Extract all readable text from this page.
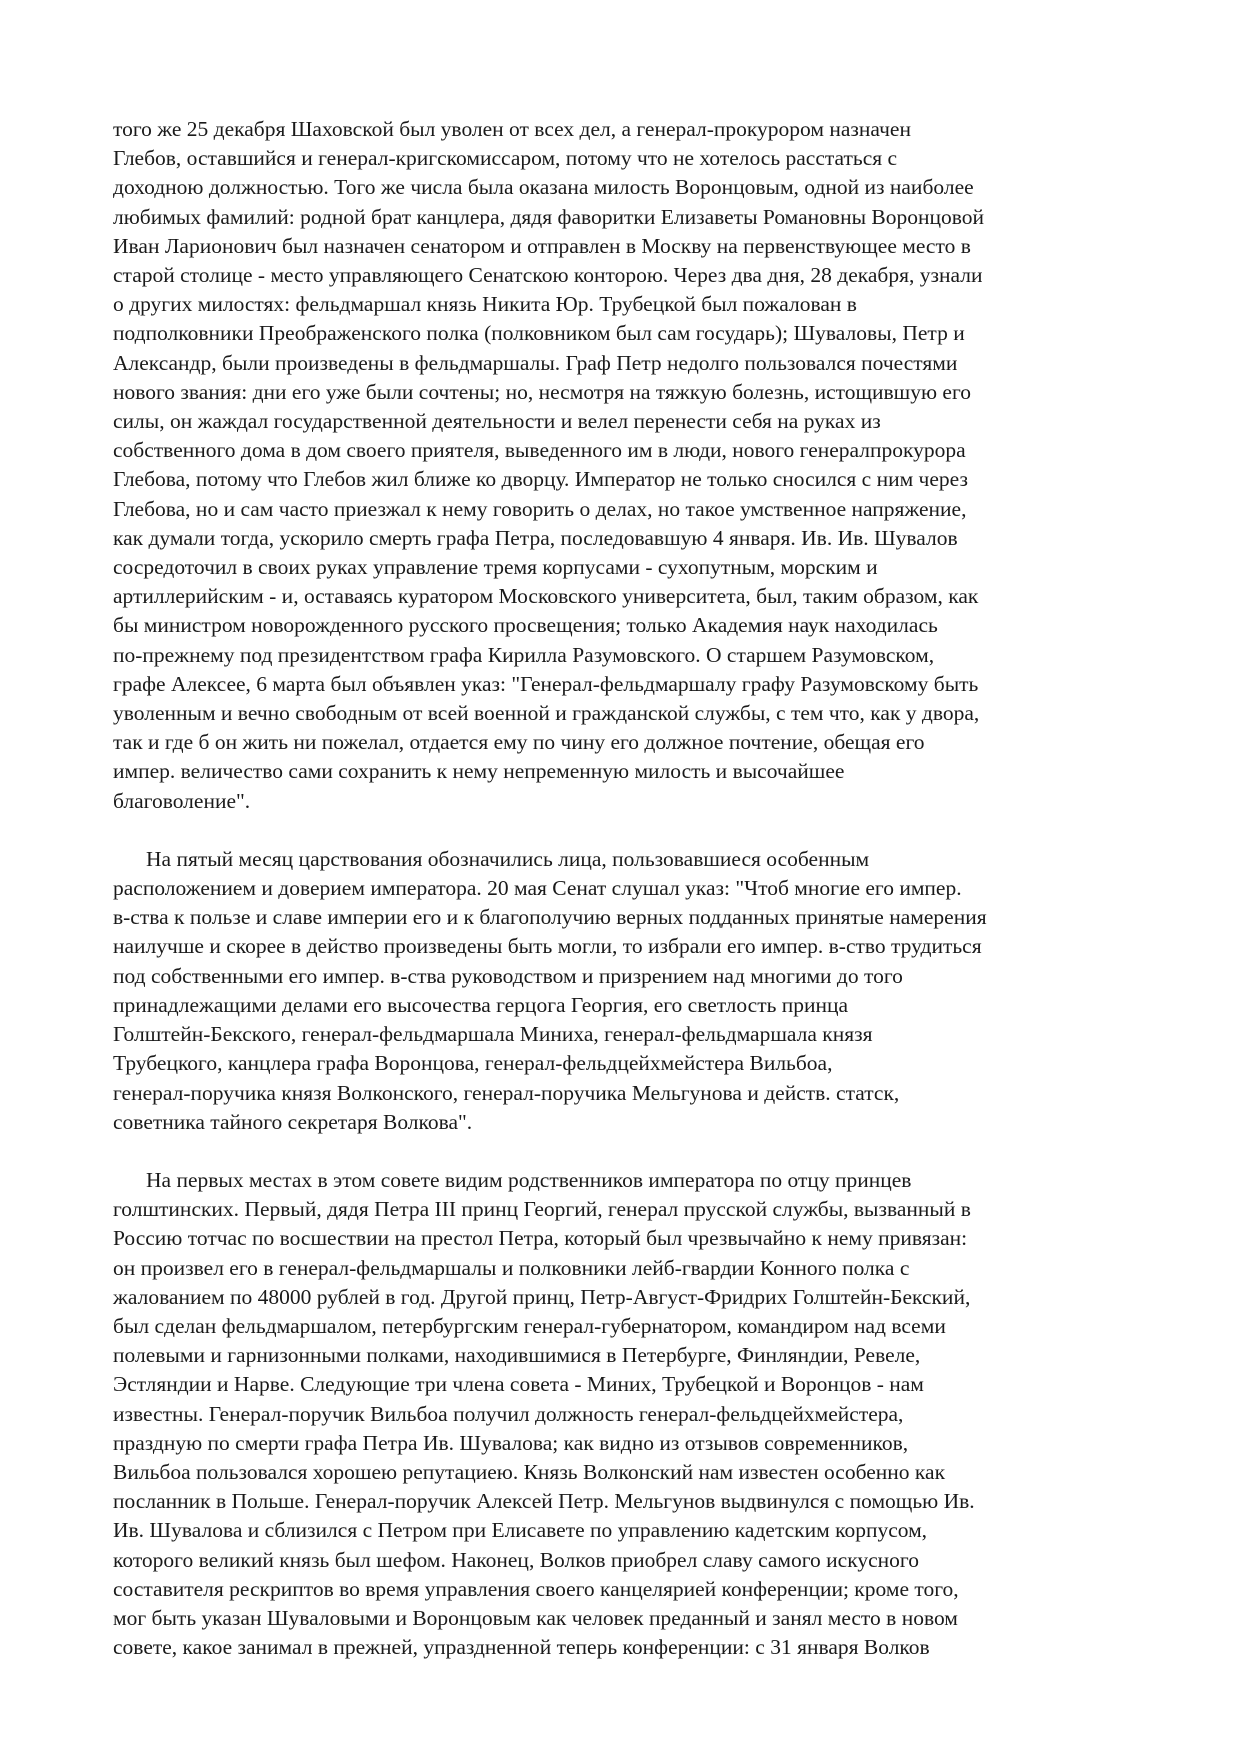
того же 25 декабря Шаховской был уволен от всех дел, а генерал-прокурором назначен
Глебов, оставшийся и генерал-кригскомиссаром, потому что не хотелось расстаться с
доходною должностью. Того же числа была оказана милость Воронцовым, одной из наиболее
любимых фамилий: родной брат канцлера, дядя фаворитки Елизаветы Романовны Воронцовой
Иван Ларионович был назначен сенатором и отправлен в Москву на первенствующее место в
старой столице - место управляющего Сенатскою конторою. Через два дня, 28 декабря, узнали
о других милостях: фельдмаршал князь Никита Юр. Трубецкой был пожалован в
подполковники Преображенского полка (полковником был сам государь); Шуваловы, Петр и
Александр, были произведены в фельдмаршалы. Граф Петр недолго пользовался почестями
нового звания: дни его уже были сочтены; но, несмотря на тяжкую болезнь, истощившую его
силы, он жаждал государственной деятельности и велел перенести себя на руках из
собственного дома в дом своего приятеля, выведенного им в люди, нового генералпрокурора
Глебова, потому что Глебов жил ближе ко дворцу. Император не только сносился с ним через
Глебова, но и сам часто приезжал к нему говорить о делах, но такое умственное напряжение,
как думали тогда, ускорило смерть графа Петра, последовавшую 4 января. Ив. Ив. Шувалов
сосредоточил в своих руках управление тремя корпусами - сухопутным, морским и
артиллерийским - и, оставаясь куратором Московского университета, был, таким образом, как
бы министром новорожденного русского просвещения; только Академия наук находилась
по-прежнему под президентством графа Кирилла Разумовского. О старшем Разумовском,
графе Алексее, 6 марта был объявлен указ: "Генерал-фельдмаршалу графу Разумовскому быть
уволенным и вечно свободным от всей военной и гражданской службы, с тем что, как у двора,
так и где б он жить ни пожелал, отдается ему по чину его должное почтение, обещая его
импер. величество сами сохранить к нему непременную милость и высочайшее
благоволение".
На пятый месяц царствования обозначились лица, пользовавшиеся особенным
расположением и доверием императора. 20 мая Сенат слушал указ: "Чтоб многие его импер.
в-ства к пользе и славе империи его и к благополучию верных подданных принятые намерения
наилучше и скорее в действо произведены быть могли, то избрали его импер. в-ство трудиться
под собственными его импер. в-ства руководством и призрением над многими до того
принадлежащими делами его высочества герцога Георгия, его светлость принца
Голштейн-Бекского, генерал-фельдмаршала Миниха, генерал-фельдмаршала князя
Трубецкого, канцлера графа Воронцова, генерал-фельдцейхмейстера Вильбоа,
генерал-поручика князя Волконского, генерал-поручика Мельгунова и действ. статск,
советника тайного секретаря Волкова".
На первых местах в этом совете видим родственников императора по отцу принцев
голштинских. Первый, дядя Петра III принц Георгий, генерал прусской службы, вызванный в
Россию тотчас по восшествии на престол Петра, который был чрезвычайно к нему привязан:
он произвел его в генерал-фельдмаршалы и полковники лейб-гвардии Конного полка с
жалованием по 48000 рублей в год. Другой принц, Петр-Август-Фридрих Голштейн-Бекский,
был сделан фельдмаршалом, петербургским генерал-губернатором, командиром над всеми
полевыми и гарнизонными полками, находившимися в Петербурге, Финляндии, Ревеле,
Эстляндии и Нарве. Следующие три члена совета - Миних, Трубецкой и Воронцов - нам
известны. Генерал-поручик Вильбоа получил должность генерал-фельдцейхмейстера,
праздную по смерти графа Петра Ив. Шувалова; как видно из отзывов современников,
Вильбоа пользовался хорошею репутациею. Князь Волконский нам известен особенно как
посланник в Польше. Генерал-поручик Алексей Петр. Мельгунов выдвинулся с помощью Ив.
Ив. Шувалова и сблизился с Петром при Елисавете по управлению кадетским корпусом,
которого великий князь был шефом. Наконец, Волков приобрел славу самого искусного
составителя рескриптов во время управления своего канцелярией конференции; кроме того,
мог быть указан Шуваловыми и Воронцовым как человек преданный и занял место в новом
совете, какое занимал в прежней, упраздненной теперь конференции: с 31 января Волков
